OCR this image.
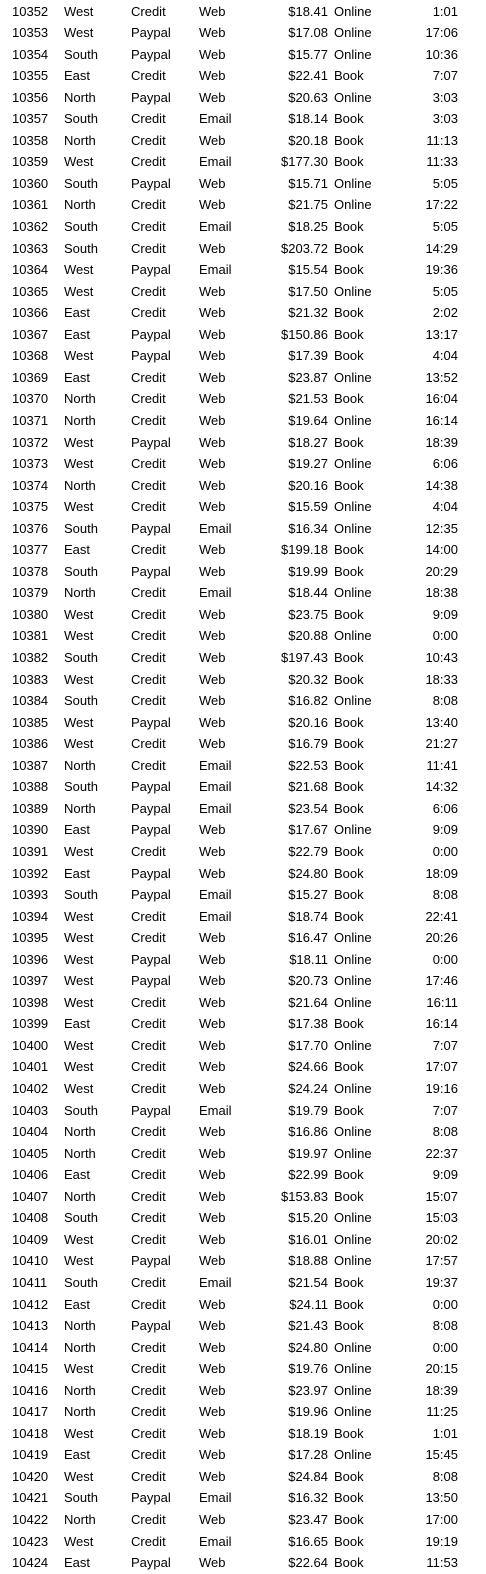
10352	West	Credit	Web	$18.41 Online	1:01
10353	West	Paypal	Web	$17.08 Online	17:06
10354	South	Paypal	Web	$15.77 Online	10:36
10355	East	Credit	Web	$22.41 Book	7:07
10356	North	Paypal	Web	$20.63 Online	3:03
10357	South	Credit	Email	$18.14 Book	3:03
10358	North	Credit	Web	$20.18 Book	11:13
10359	West	Credit	Email	$177.30 Book	11:33
10360	South	Paypal	Web	$15.71 Online	5:05
10361	North	Credit	Web	$21.75 Online	17:22
10362	South	Credit	Email	$18.25 Book	5:05
10363	South	Credit	Web	$203.72 Book	14:29
10364	West	Paypal	Email	$15.54 Book	19:36
10365	West	Credit	Web	$17.50 Online	5:05
10366	East	Credit	Web	$21.32 Book	2:02
10367	East	Paypal	Web	$150.86 Book	13:17
10368	West	Paypal	Web	$17.39 Book	4:04
10369	East	Credit	Web	$23.87 Online	13:52
10370	North	Credit	Web	$21.53 Book	16:04
10371	North	Credit	Web	$19.64 Online	16:14
10372	West	Paypal	Web	$18.27 Book	18:39
10373	West	Credit	Web	$19.27 Online	6:06
10374	North	Credit	Web	$20.16 Book	14:38
10375	West	Credit	Web	$15.59 Online	4:04
10376	South	Paypal	Email	$16.34 Online	12:35
10377	East	Credit	Web	$199.18 Book	14:00
10378	South	Paypal	Web	$19.99 Book	20:29
10379	North	Credit	Email	$18.44 Online	18:38
10380	West	Credit	Web	$23.75 Book	9:09
10381	West	Credit	Web	$20.88 Online	0:00
10382	South	Credit	Web	$197.43 Book	10:43
10383	West	Credit	Web	$20.32 Book	18:33
10384	South	Credit	Web	$16.82 Online	8:08
10385	West	Paypal	Web	$20.16 Book	13:40
10386	West	Credit	Web	$16.79 Book	21:27
10387	North	Credit	Email	$22.53 Book	11:41
10388	South	Paypal	Email	$21.68 Book	14:32
10389	North	Paypal	Email	$23.54 Book	6:06
10390	East	Paypal	Web	$17.67 Online	9:09
10391	West	Credit	Web	$22.79 Book	0:00
10392	East	Paypal	Web	$24.80 Book	18:09
10393	South	Paypal	Email	$15.27 Book	8:08
10394	West	Credit	Email	$18.74 Book	22:41
10395	West	Credit	Web	$16.47 Online	20:26
10396	West	Paypal	Web	$18.11 Online	0:00
10397	West	Paypal	Web	$20.73 Online	17:46
10398	West	Credit	Web	$21.64 Online	16:11
10399	East	Credit	Web	$17.38 Book	16:14
10400	West	Credit	Web	$17.70 Online	7:07
10401	West	Credit	Web	$24.66 Book	17:07
10402	West	Credit	Web	$24.24 Online	19:16
10403	South	Paypal	Email	$19.79 Book	7:07
10404	North	Credit	Web	$16.86 Online	8:08
10405	North	Credit	Web	$19.97 Online	22:37
10406	East	Credit	Web	$22.99 Book	9:09
10407	North	Credit	Web	$153.83 Book	15:07
10408	South	Credit	Web	$15.20 Online	15:03
10409	West	Credit	Web	$16.01 Online	20:02
10410	West	Paypal	Web	$18.88 Online	17:57
10411	South	Credit	Email	$21.54 Book	19:37
10412	East	Credit	Web	$24.11 Book	0:00
10413	North	Paypal	Web	$21.43 Book	8:08
10414	North	Credit	Web	$24.80 Online	0:00
10415	West	Credit	Web	$19.76 Online	20:15
10416	North	Credit	Web	$23.97 Online	18:39
10417	North	Credit	Web	$19.96 Online	11:25
10418	West	Credit	Web	$18.19 Book	1:01
10419	East	Credit	Web	$17.28 Online	15:45
10420	West	Credit	Web	$24.84 Book	8:08
10421	South	Paypal	Email	$16.32 Book	13:50
10422	North	Credit	Web	$23.47 Book	17:00
10423	West	Credit	Email	$16.65 Book	19:19
10424	East	Paypal	Web	$22.64 Book	11:53
